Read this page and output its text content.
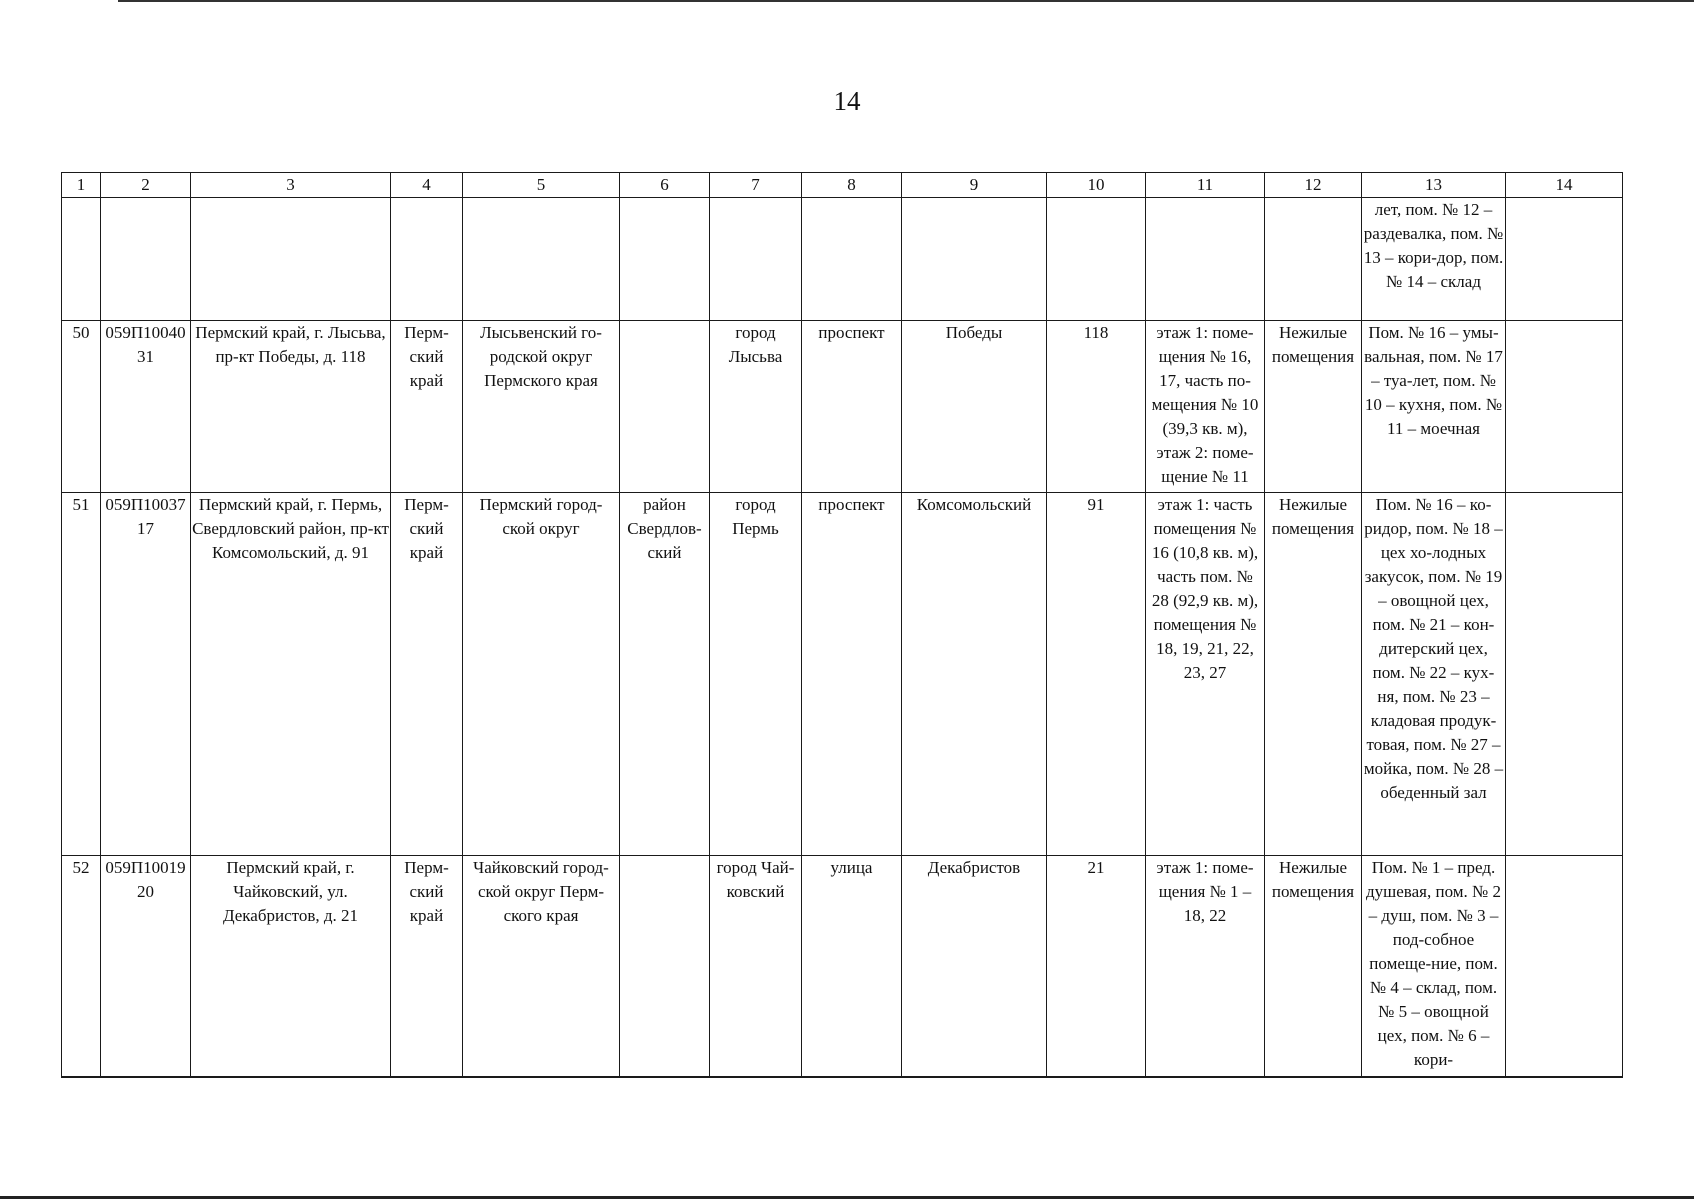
14
1	2	3	4	5	6	7	8	9	10	11	12	13	14
												лет, пом. № 12 – раздевалка, пом. № 13 – кори-дор, пом. № 14 – склад	
50	059П1004031	Пермский край, г. Лысьва, пр-кт Победы, д. 118	Перм-ский край	Лысьвенский го-родской округ Пермского края		город Лысьва	проспект	Победы	118	этаж 1: поме-щения № 16, 17, часть по-мещения № 10 (39,3 кв. м), этаж 2: поме-щение № 11	Нежилые помещения	Пом. № 16 – умы-вальная, пом. № 17 – туа-лет, пом. № 10 – кухня, пом. № 11 – моечная	
51	059П1003717	Пермский край, г. Пермь, Свердловский район, пр-кт Комсомольский, д. 91	Перм-ский край	Пермский город-ской округ	район Свердлов-ский	город Пермь	проспект	Комсомольский	91	этаж 1: часть помещения № 16 (10,8 кв. м), часть пом. № 28 (92,9 кв. м), помещения № 18, 19, 21, 22, 23, 27	Нежилые помещения	Пом. № 16 – ко-ридор, пом. № 18 – цех хо-лодных закусок, пом. № 19 – овощной цех, пом. № 21 – кон-дитерский цех, пом. № 22 – кух-ня, пом. № 23 – кладовая продук-товая, пом. № 27 – мойка, пом. № 28 – обеденный зал	
52	059П1001920	Пермский край, г. Чайковский, ул. Декабристов, д. 21	Перм-ский край	Чайковский город-ской округ Перм-ского края		город Чай-ковский	улица	Декабристов	21	этаж 1: поме-щения № 1 – 18, 22	Нежилые помещения	Пом. № 1 – пред. душевая, пом. № 2 – душ, пом. № 3 – под-собное помеще-ние, пом. № 4 – склад, пом. № 5 – овощной цех, пом. № 6 – кори-	
